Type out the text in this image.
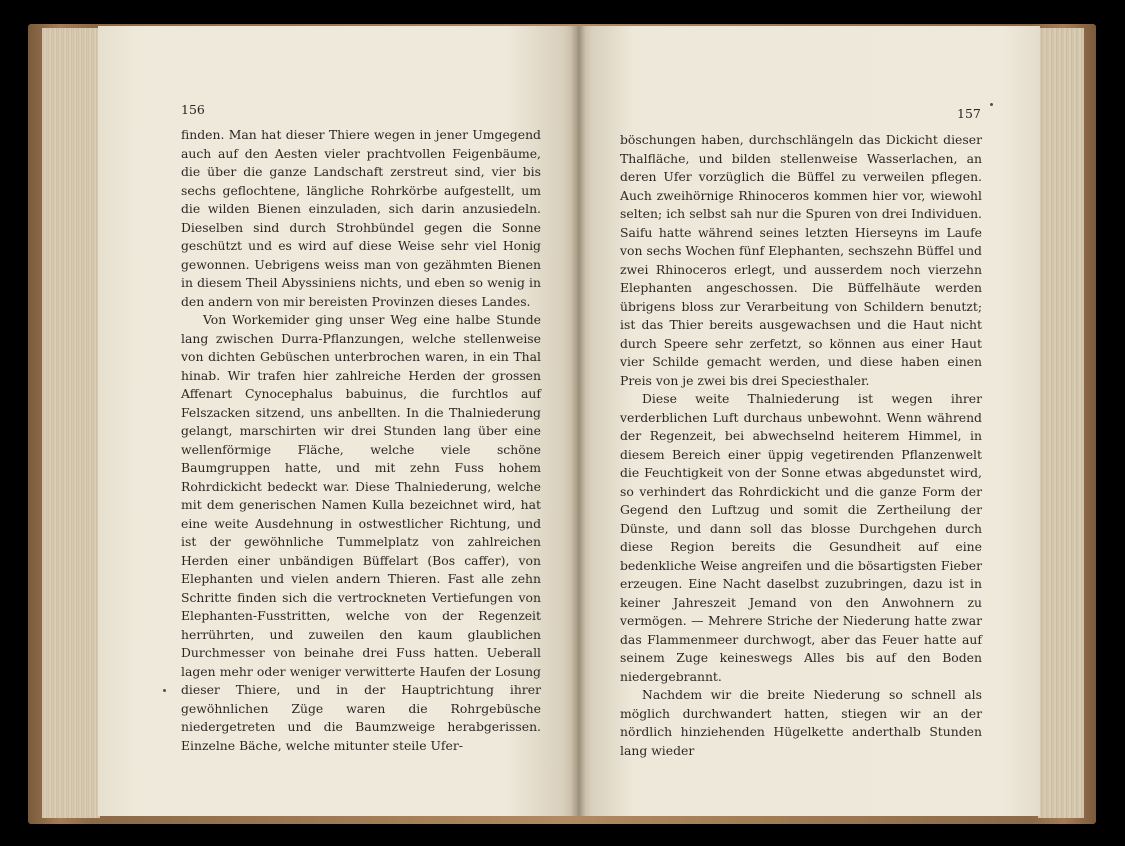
156	157

finden. Man hat dieser Thiere wegen in jener Umgegend auch auf den Aesten vieler prachtvollen Feigenbäume, die über die ganze Landschaft zerstreut sind, vier bis sechs geflochtene, längliche Rohrkörbe aufgestellt, um die wilden Bienen einzuladen, sich darin anzusiedeln. Dieselben sind durch Strohbündel gegen die Sonne geschützt und es wird auf diese Weise sehr viel Honig gewonnen. Uebrigens weiss man von gezähmten Bienen in diesem Theil Abyssiniens nichts, und eben so wenig in den andern von mir bereisten Provinzen dieses Landes.

Von Workemider ging unser Weg eine halbe Stunde lang zwischen Durra-Pflanzungen, welche stellenweise von dichten Gebüschen unterbrochen waren, in ein Thal hinab. Wir trafen hier zahlreiche Herden der grossen Affenart Cynocephalus babuinus, die furchtlos auf Felszacken sitzend, uns anbellten. In die Thalniederung gelangt, marschirten wir drei Stunden lang über eine wellenförmige Fläche, welche viele schöne Baumgruppen hatte, und mit zehn Fuss hohem Rohrdickicht bedeckt war. Diese Thalniederung, welche mit dem generischen Namen Kulla bezeichnet wird, hat eine weite Ausdehnung in ostwestlicher Richtung, und ist der gewöhnliche Tummelplatz von zahlreichen Herden einer unbändigen Büffelart (Bos caffer), von Elephanten und vielen andern Thieren. Fast alle zehn Schritte finden sich die vertrockneten Vertiefungen von Elephanten-Fusstritten, welche von der Regenzeit herrührten, und zuweilen den kaum glaublichen Durchmesser von beinahe drei Fuss hatten. Ueberall lagen mehr oder weniger verwitterte Haufen der Losung dieser Thiere, und in der Hauptrichtung ihrer gewöhnlichen Züge waren die Rohrgebüsche niedergetreten und die Baumzweige herabgerissen. Einzelne Bäche, welche mitunter steile Ufer-

böschungen haben, durchschlängeln das Dickicht dieser Thalfläche, und bilden stellenweise Wasserlachen, an deren Ufer vorzüglich die Büffel zu verweilen pflegen. Auch zweihörnige Rhinoceros kommen hier vor, wiewohl selten; ich selbst sah nur die Spuren von drei Individuen. Saifu hatte während seines letzten Hierseyns im Laufe von sechs Wochen fünf Elephanten, sechszehn Büffel und zwei Rhinoceros erlegt, und ausserdem noch vierzehn Elephanten angeschossen. Die Büffelhäute werden übrigens bloss zur Verarbeitung von Schildern benutzt; ist das Thier bereits ausgewachsen und die Haut nicht durch Speere sehr zerfetzt, so können aus einer Haut vier Schilde gemacht werden, und diese haben einen Preis von je zwei bis drei Speciesthaler.

Diese weite Thalniederung ist wegen ihrer verderblichen Luft durchaus unbewohnt. Wenn während der Regenzeit, bei abwechselnd heiterem Himmel, in diesem Bereich einer üppig vegetirenden Pflanzenwelt die Feuchtigkeit von der Sonne etwas abgedunstet wird, so verhindert das Rohrdickicht und die ganze Form der Gegend den Luftzug und somit die Zertheilung der Dünste, und dann soll das blosse Durchgehen durch diese Region bereits die Gesundheit auf eine bedenkliche Weise angreifen und die bösartigsten Fieber erzeugen. Eine Nacht daselbst zuzubringen, dazu ist in keiner Jahreszeit Jemand von den Anwohnern zu vermögen. — Mehrere Striche der Niederung hatte zwar das Flammenmeer durchwogt, aber das Feuer hatte auf seinem Zuge keineswegs Alles bis auf den Boden niedergebrannt.

Nachdem wir die breite Niederung so schnell als möglich durchwandert hatten, stiegen wir an der nördlich hinziehenden Hügelkette anderthalb Stunden lang wieder
